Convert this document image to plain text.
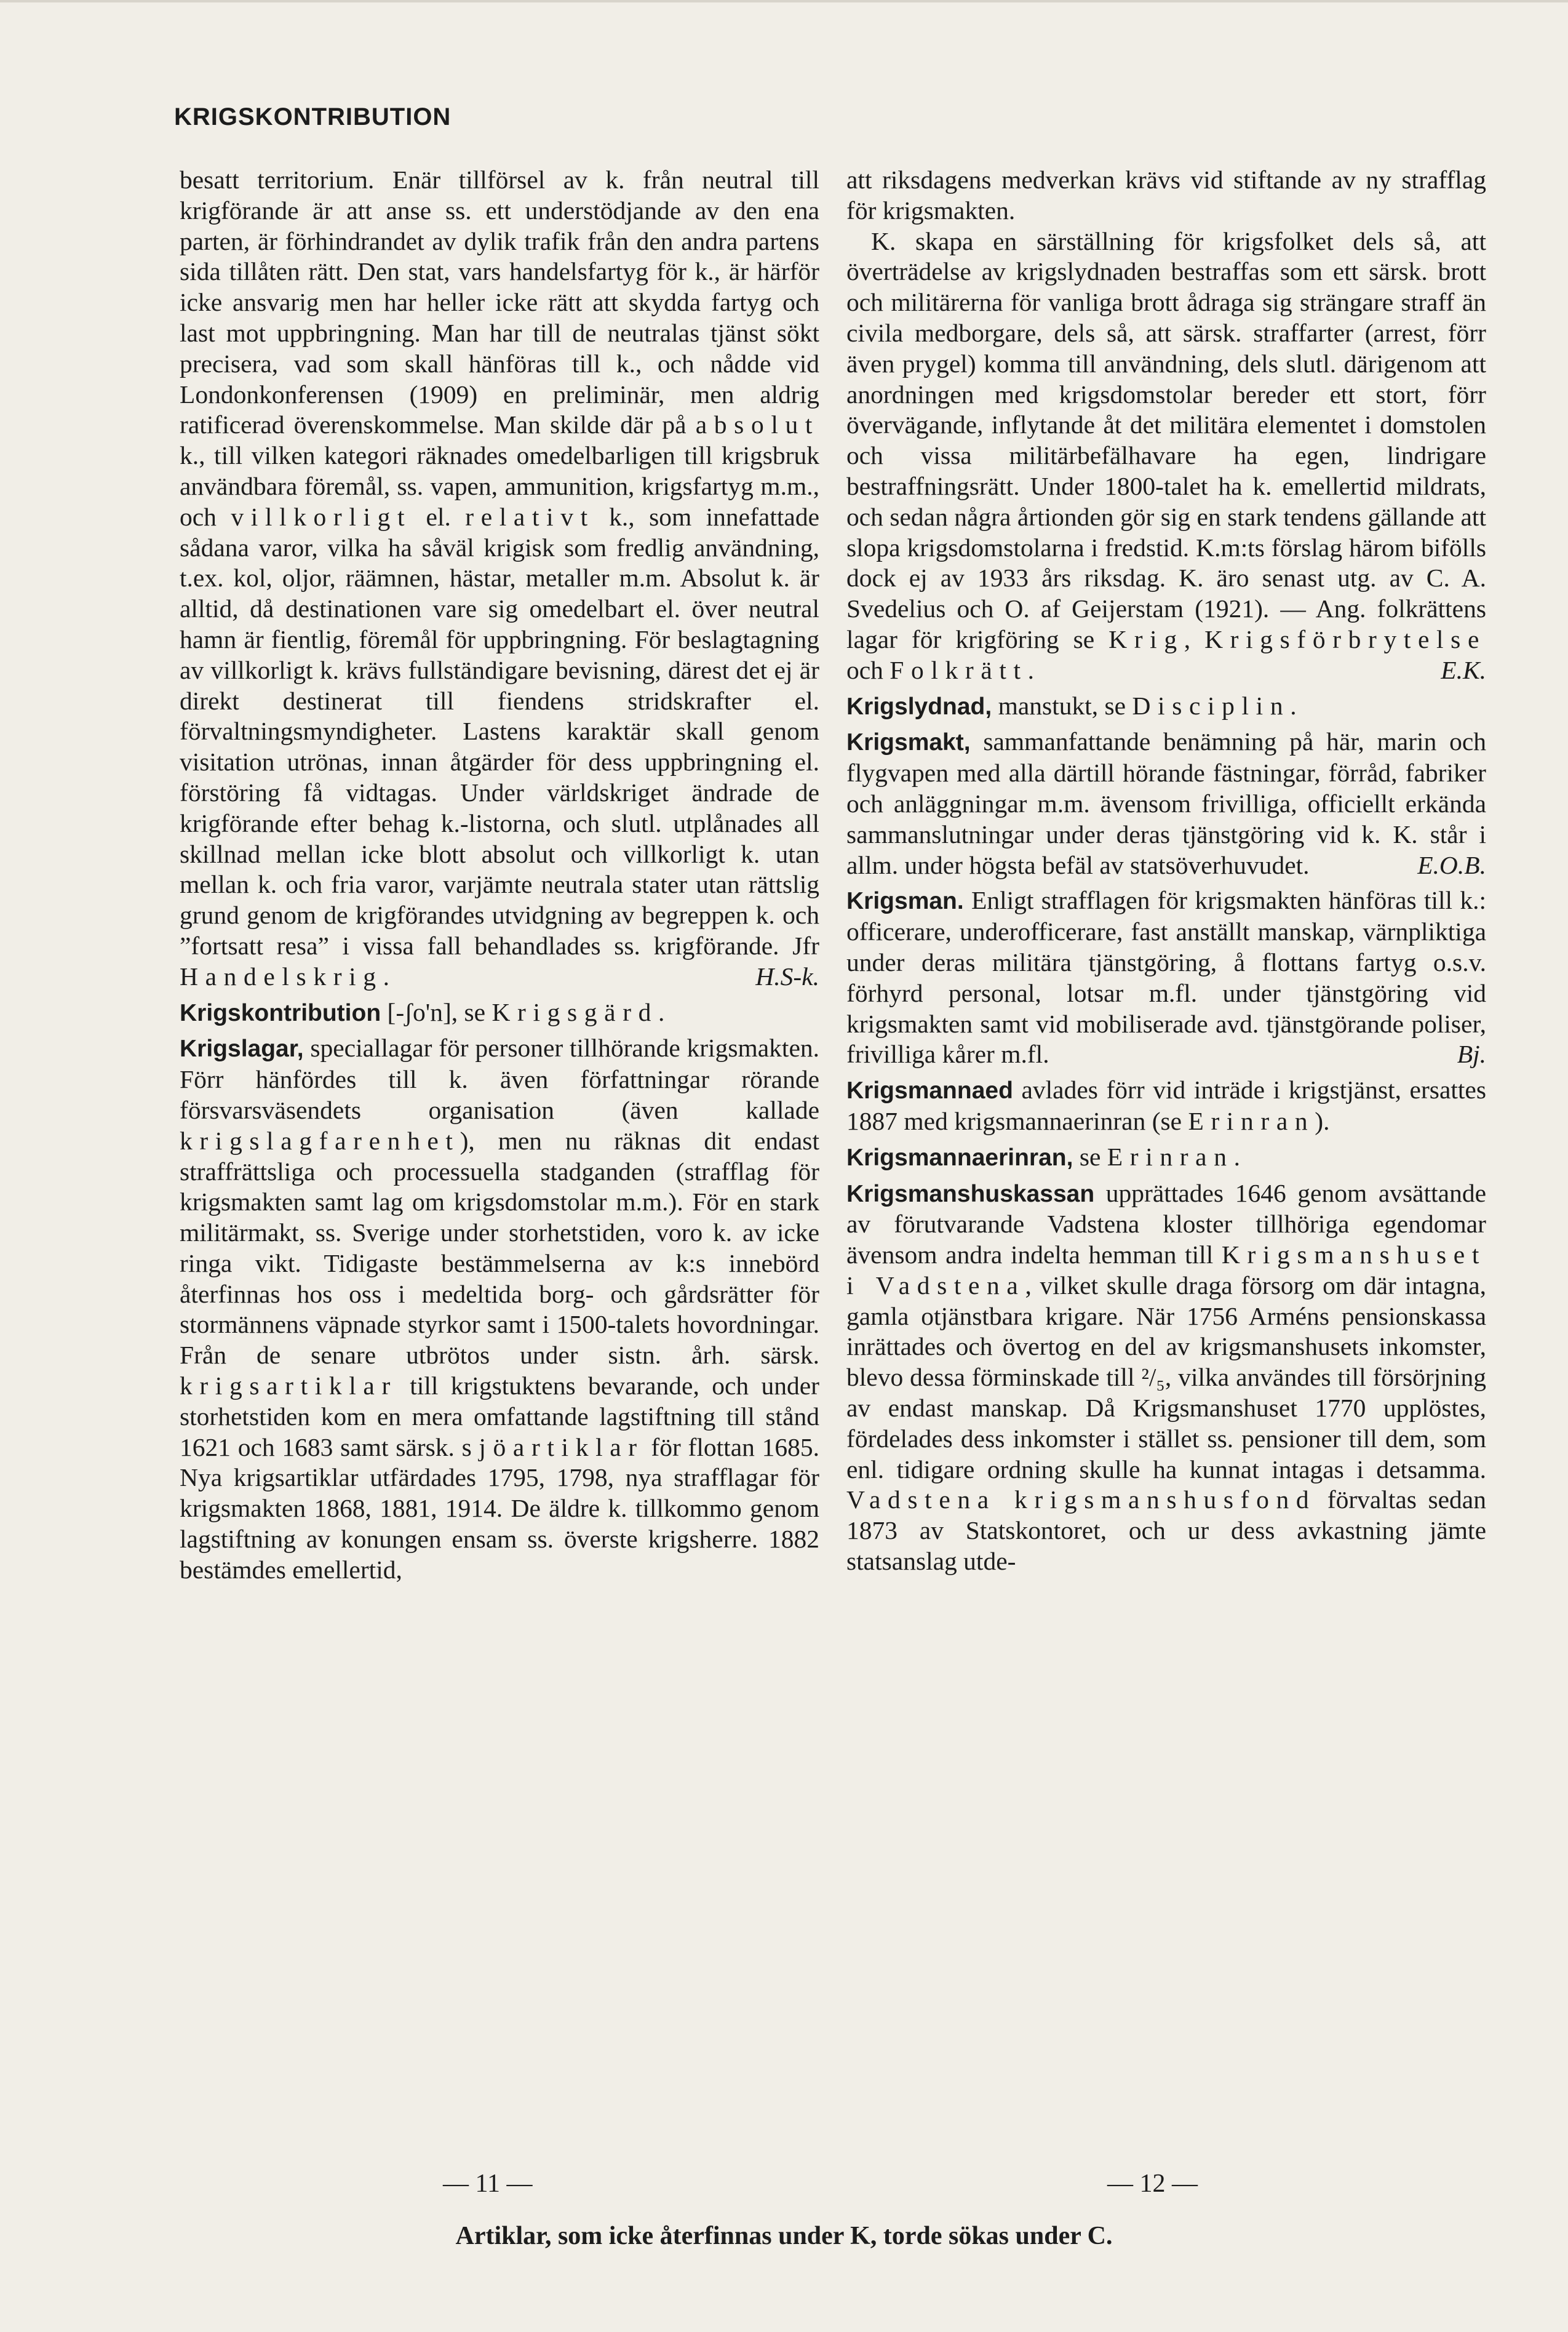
KRIGSKONTRIBUTION

besatt territorium. Enär tillförsel av k. från neutral till krigförande är att anse ss. ett understödjande av den ena parten, är förhindrandet av dylik trafik från den andra partens sida tillåten rätt. Den stat, vars handelsfartyg för k., är härför icke ansvarig men har heller icke rätt att skydda fartyg och last mot uppbringning. Man har till de neutralas tjänst sökt precisera, vad som skall hänföras till k., och nådde vid Londonkonferensen (1909) en preliminär, men aldrig ratificerad överenskommelse. Man skilde där på absolut k., till vilken kategori räknades omedelbarligen till krigsbruk användbara föremål, ss. vapen, ammunition, krigsfartyg m.m., och villkorligt el. relativt k., som innefattade sådana varor, vilka ha såväl krigisk som fredlig användning, t.ex. kol, oljor, räämnen, hästar, metaller m.m. Absolut k. är alltid, då destinationen vare sig omedelbart el. över neutral hamn är fientlig, föremål för uppbringning. För beslagtagning av villkorligt k. krävs fullständigare bevisning, därest det ej är direkt destinerat till fiendens stridskrafter el. förvaltningsmyndigheter. Lastens karaktär skall genom visitation utrönas, innan åtgärder för dess uppbringning el. förstöring få vidtagas. Under världskriget ändrade de krigförande efter behag k.-listorna, och slutl. utplånades all skillnad mellan icke blott absolut och villkorligt k. utan mellan k. och fria varor, varjämte neutrala stater utan rättslig grund genom de krigförandes utvidgning av begreppen k. och ”fortsatt resa” i vissa fall behandlades ss. krigförande. Jfr Handelskrig.	H.S-k.

Krigskontribution [-ʃo'n], se Krigsgärd.

Krigslagar, speciallagar för personer tillhörande krigsmakten. Förr hänfördes till k. även författningar rörande försvarsväsendets organisation (även kallade krigslagfarenhet), men nu räknas dit endast straffrättsliga och processuella stadganden (strafflag för krigsmakten samt lag om krigsdomstolar m.m.). För en stark militärmakt, ss. Sverige under storhetstiden, voro k. av icke ringa vikt. Tidigaste bestämmelserna av k:s innebörd återfinnas hos oss i medeltida borg- och gårdsrätter för stormännens väpnade styrkor samt i 1500-talets hovordningar. Från de senare utbrötos under sistn. årh. särsk. krigsartiklar till krigstuktens bevarande, och under storhetstiden kom en mera omfattande lagstiftning till stånd 1621 och 1683 samt särsk. sjöartiklar för flottan 1685. Nya krigsartiklar utfärdades 1795, 1798, nya strafflagar för krigsmakten 1868, 1881, 1914. De äldre k. tillkommo genom lagstiftning av konungen ensam ss. överste krigsherre. 1882 bestämdes emellertid,

att riksdagens medverkan krävs vid stiftande av ny strafflag för krigsmakten.

K. skapa en särställning för krigsfolket dels så, att överträdelse av krigslydnaden bestraffas som ett särsk. brott och militärerna för vanliga brott ådraga sig strängare straff än civila medborgare, dels så, att särsk. straffarter (arrest, förr även prygel) komma till användning, dels slutl. därigenom att anordningen med krigsdomstolar bereder ett stort, förr övervägande, inflytande åt det militära elementet i domstolen och vissa militärbefälhavare ha egen, lindrigare bestraffningsrätt. Under 1800-talet ha k. emellertid mildrats, och sedan några årtionden gör sig en stark tendens gällande att slopa krigsdomstolarna i fredstid. K.m:ts förslag härom bifölls dock ej av 1933 års riksdag. K. äro senast utg. av C. A. Svedelius och O. af Geijerstam (1921). — Ang. folkrättens lagar för krigföring se Krig, Krigsförbrytelse och Folkrätt.	E.K.

Krigslydnad, manstukt, se Disciplin.

Krigsmakt, sammanfattande benämning på här, marin och flygvapen med alla därtill hörande fästningar, förråd, fabriker och anläggningar m.m. ävensom frivilliga, officiellt erkända sammanslutningar under deras tjänstgöring vid k. K. står i allm. under högsta befäl av statsöverhuvudet.	E.O.B.

Krigsman. Enligt strafflagen för krigsmakten hänföras till k.: officerare, underofficerare, fast anställt manskap, värnpliktiga under deras militära tjänstgöring, å flottans fartyg o.s.v. förhyrd personal, lotsar m.fl. under tjänstgöring vid krigsmakten samt vid mobiliserade avd. tjänstgörande poliser, frivilliga kårer m.fl.	Bj.

Krigsmannaed avlades förr vid inträde i krigstjänst, ersattes 1887 med krigsmannaerinran (se Erinran).

Krigsmannaerinran, se Erinran.

Krigsmanshuskassan upprättades 1646 genom avsättande av förutvarande Vadstena kloster tillhöriga egendomar ävensom andra indelta hemman till Krigsmanshuset i Vadstena, vilket skulle draga försorg om där intagna, gamla otjänstbara krigare. När 1756 Arméns pensionskassa inrättades och övertog en del av krigsmanshusets inkomster, blevo dessa förminskade till ²/₅, vilka användes till försörjning av endast manskap. Då Krigsmanshuset 1770 upplöstes, fördelades dess inkomster i stället ss. pensioner till dem, som enl. tidigare ordning skulle ha kunnat intagas i detsamma. Vadstena krigsmanshusfond förvaltas sedan 1873 av Statskontoret, och ur dess avkastning jämte statsanslag utde-

— 11 —	— 12 —
Artiklar, som icke återfinnas under K, torde sökas under C.
